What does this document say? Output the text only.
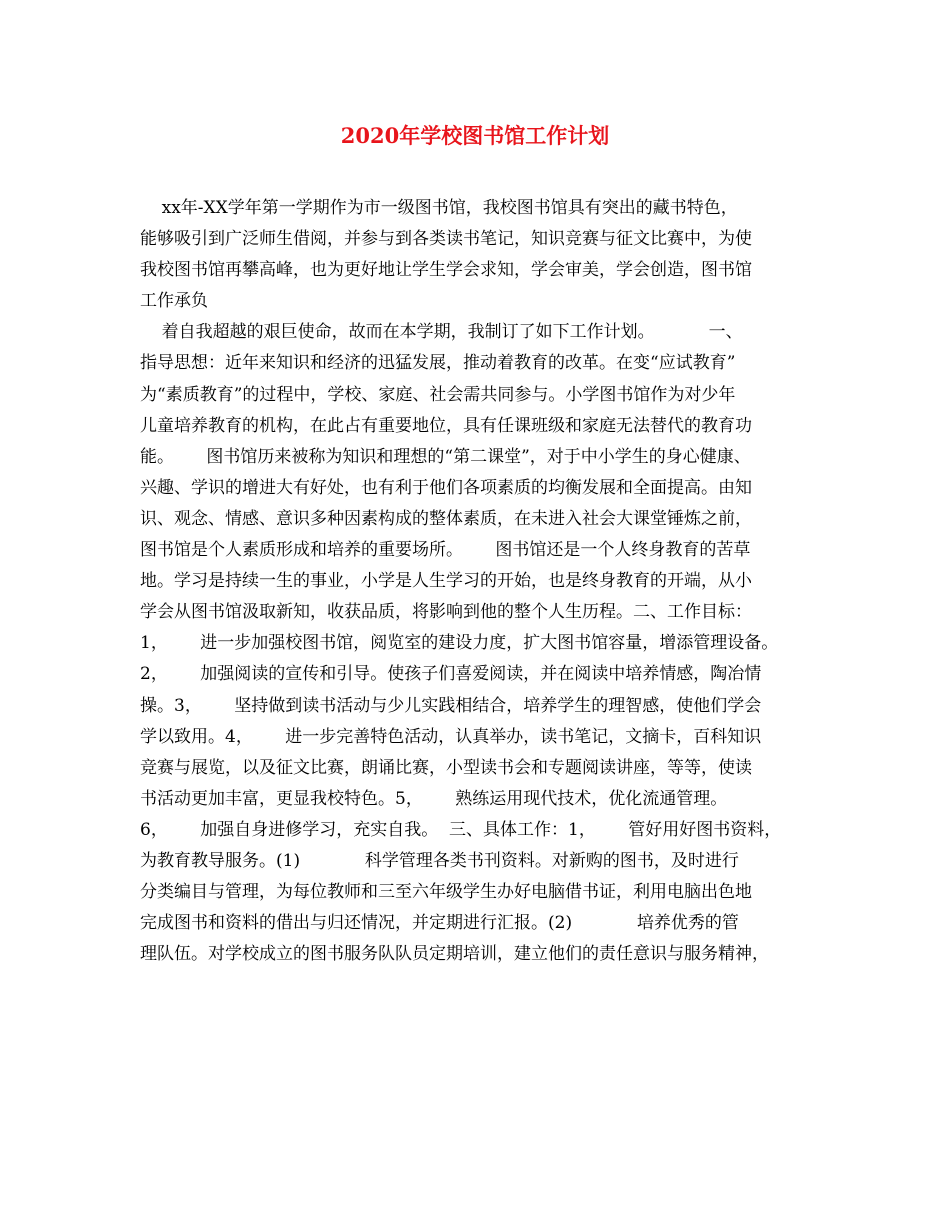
2020年学校图书馆工作计划
xx年-XX学年第一学期作为市一级图书馆，我校图书馆具有突出的藏书特色，
能够吸引到广泛师生借阅，并参与到各类读书笔记，知识竞赛与征文比赛中，为使
我校图书馆再攀高峰，也为更好地让学生学会求知，学会审美，学会创造，图书馆
工作承负
着自我超越的艰巨使命，故而在本学期，我制订了如下工作计划。          一、
指导思想：近年来知识和经济的迅猛发展，推动着教育的改革。在变“应试教育”
为“素质教育”的过程中，学校、家庭、社会需共同参与。小学图书馆作为对少年
儿童培养教育的机构，在此占有重要地位，具有任课班级和家庭无法替代的教育功
能。      图书馆历来被称为知识和理想的“第二课堂”，对于中小学生的身心健康、
兴趣、学识的增进大有好处，也有利于他们各项素质的均衡发展和全面提高。由知
识、观念、情感、意识多种因素构成的整体素质，在未进入社会大课堂锤炼之前，
图书馆是个人素质形成和培养的重要场所。      图书馆还是一个人终身教育的苦草
地。学习是持续一生的事业，小学是人生学习的开始，也是终身教育的开端，从小
学会从图书馆汲取新知，收获品质，将影响到他的整个人生历程。二、工作目标：
1，      进一步加强校图书馆，阅览室的建设力度，扩大图书馆容量，增添管理设备。
2，      加强阅读的宣传和引导。使孩子们喜爱阅读，并在阅读中培养情感，陶冶情
操。3，      坚持做到读书活动与少儿实践相结合，培养学生的理智感，使他们学会
学以致用。4，      进一步完善特色活动，认真举办，读书笔记，文摘卡，百科知识
竞赛与展览，以及征文比赛，朗诵比赛，小型读书会和专题阅读讲座，等等，使读
书活动更加丰富，更显我校特色。5，      熟练运用现代技术，优化流通管理。
6，      加强自身进修学习，充实自我。  三、具体工作：1，      管好用好图书资料，
为教育教导服务。(1)            科学管理各类书刊资料。对新购的图书，及时进行
分类编目与管理，为每位教师和三至六年级学生办好电脑借书证，利用电脑出色地
完成图书和资料的借出与归还情况，并定期进行汇报。(2)            培养优秀的管
理队伍。对学校成立的图书服务队队员定期培训，建立他们的责任意识与服务精神，
